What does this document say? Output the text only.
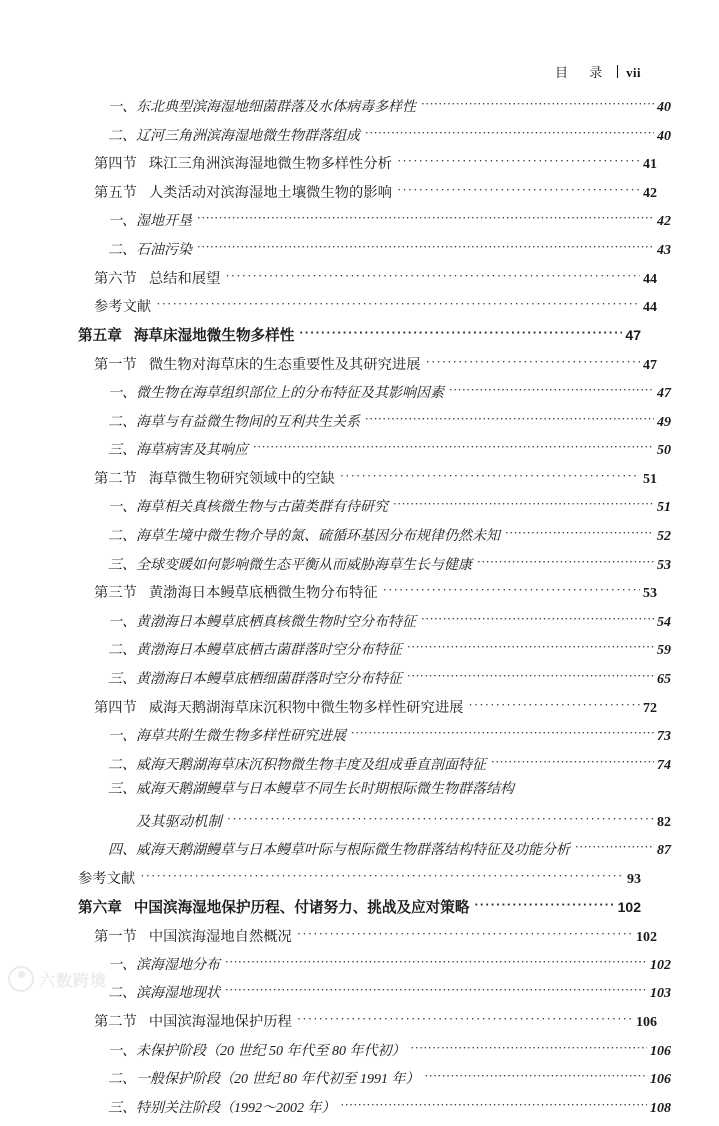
目 录 vii
一、东北典型滨海湿地细菌群落及水体病毒多样性 ·····	40
二、辽河三角洲滨海湿地微生物群落组成 ·····	40
第四节 珠江三角洲滨海湿地微生物多样性分析 ·····	41
第五节 人类活动对滨海湿地土壤微生物的影响 ·····	42
一、湿地开垦 ·····	42
二、石油污染 ·····	43
第六节 总结和展望 ·····	44
参考文献 ·····	44
第五章 海草床湿地微生物多样性 ·····	47
第一节 微生物对海草床的生态重要性及其研究进展 ·····	47
一、微生物在海草组织部位上的分布特征及其影响因素 ·····	47
二、海草与有益微生物间的互利共生关系 ·····	49
三、海草病害及其响应 ·····	50
第二节 海草微生物研究领域中的空缺 ·····	51
一、海草相关真核微生物与古菌类群有待研究 ·····	51
二、海草生境中微生物介导的氮、硫循环基因分布规律仍然未知 ·····	52
三、全球变暖如何影响微生态平衡从而威胁海草生长与健康 ·····	53
第三节 黄渤海日本鳗草底栖微生物分布特征 ·····	53
一、黄渤海日本鳗草底栖真核微生物时空分布特征 ·····	54
二、黄渤海日本鳗草底栖古菌群落时空分布特征 ·····	59
三、黄渤海日本鳗草底栖细菌群落时空分布特征 ·····	65
第四节 威海天鹅湖海草床沉积物中微生物多样性研究进展 ·····	72
一、海草共附生微生物多样性研究进展 ·····	73
二、威海天鹅湖海草床沉积物微生物丰度及组成垂直剖面特征 ·····	74
三、威海天鹅湖鳗草与日本鳗草不同生长时期根际微生物群落结构
及其驱动机制 ·····	82
四、威海天鹅湖鳗草与日本鳗草叶际与根际微生物群落结构特征及功能分析 ·····	87
参考文献 ·····	93
第六章 中国滨海湿地保护历程、付诸努力、挑战及应对策略 ·····	102
第一节 中国滨海湿地自然概况 ·····	102
一、滨海湿地分布 ·····	102
二、滨海湿地现状 ·····	103
第二节 中国滨海湿地保护历程 ·····	106
一、未保护阶段（20 世纪 50 年代至 80 年代初） ·····	106
二、一般保护阶段（20 世纪 80 年代初至 1991 年） ·····	106
三、特别关注阶段（1992～2002 年） ·····	108
六数跨境
